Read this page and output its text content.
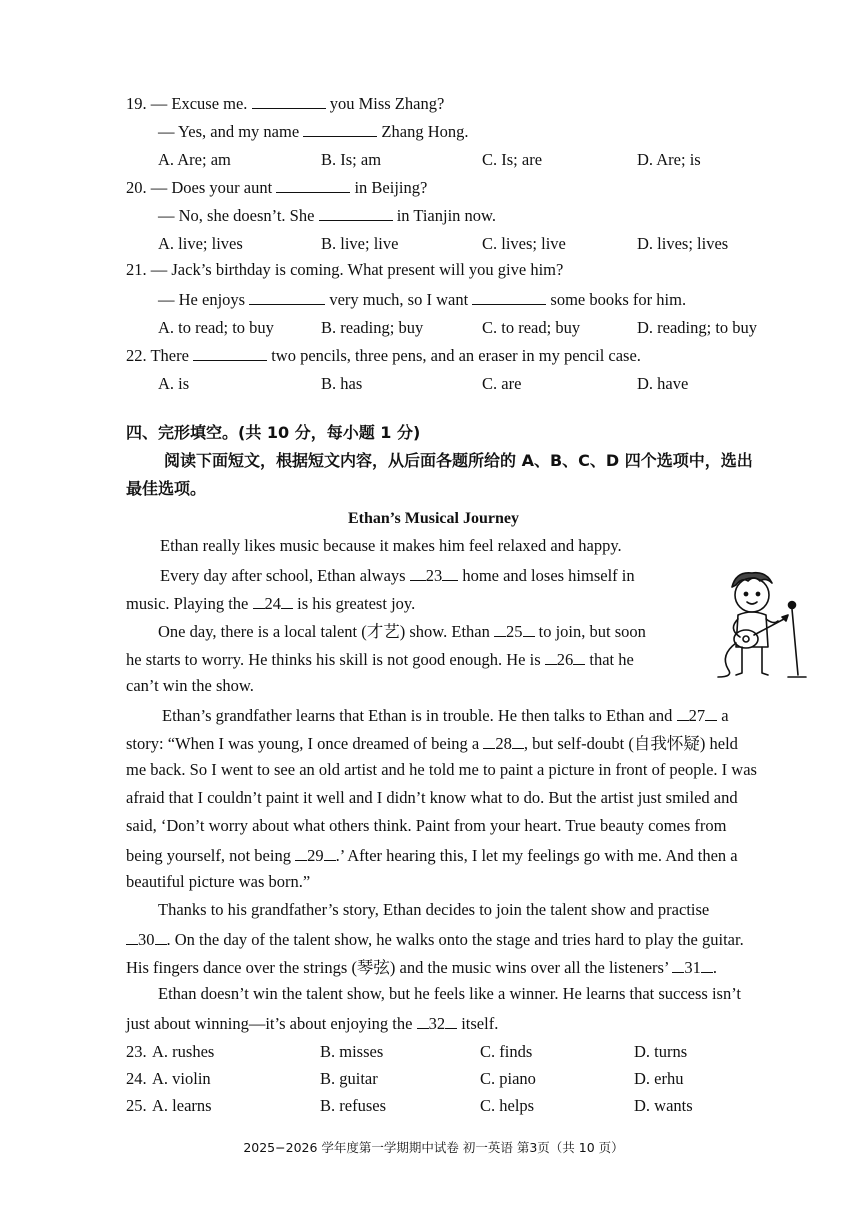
19. — Excuse me.	you Miss Zhang?
— Yes, and my name	Zhang Hong.
A. Are; am	B. Is; am	C. Is; are	D. Are; is
20. — Does your aunt	in Beijing?
— No, she doesn’t. She	in Tianjin now.
A. live; lives	B. live; live	C. lives; live	D. lives; lives
21. — Jack’s birthday is coming. What present will you give him?
— He enjoys	very much, so I want	some books for him.
A. to read; to buy	B. reading; buy	C. to read; buy	D. reading; to buy
22. There	two pencils, three pens, and an eraser in my pencil case.
A. is	B. has	C. are	D. have
四、完形填空。(共 10 分，每小题 1 分)
阅读下面短文，根据短文内容，从后面各题所给的 A、B、C、D 四个选项中，选出
最佳选项。
Ethan’s Musical Journey
Ethan really likes music because it makes him feel relaxed and happy.
Every day after school, Ethan always 23 home and loses himself in
music. Playing the 24 is his greatest joy.
One day, there is a local talent (才艺) show. Ethan 25 to join, but soon
he starts to worry. He thinks his skill is not good enough. He is 26 that he
can’t win the show.
Ethan’s grandfather learns that Ethan is in trouble. He then talks to Ethan and 27 a
story: “When I was young, I once dreamed of being a 28 , but self-doubt (自我怀疑) held
me back. So I went to see an old artist and he told me to paint a picture in front of people. I was
afraid that I couldn’t paint it well and I didn’t know what to do. But the artist just smiled and
said, ‘Don’t worry about what others think. Paint from your heart. True beauty comes from
being yourself, not being 29 .’ After hearing this, I let my feelings go with me. And then a
beautiful picture was born.”
Thanks to his grandfather’s story, Ethan decides to join the talent show and practise
30 . On the day of the talent show, he walks onto the stage and tries hard to play the guitar.
His fingers dance over the strings (琴弦) and the music wins over all the listeners’ 31 .
Ethan doesn’t win the talent show, but he feels like a winner. He learns that success isn’t
just about winning—it’s about enjoying the 32 itself.
23. A. rushes	B. misses	C. finds	D. turns
24. A. violin	B. guitar	C. piano	D. erhu
25. A. learns	B. refuses	C. helps	D. wants
2025−2026 学年度第一学期期中试卷 初一英语 第3页（共 10 页）
